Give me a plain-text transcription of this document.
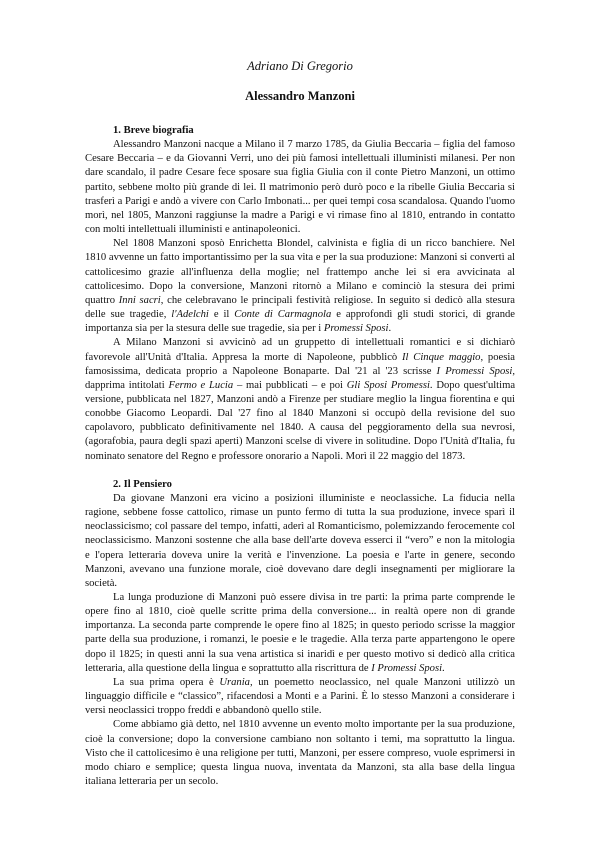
Adriano Di Gregorio
Alessandro Manzoni
1. Breve biografia

Alessandro Manzoni nacque a Milano il 7 marzo 1785, da Giulia Beccaria – figlia del famoso Cesare Beccaria – e da Giovanni Verri, uno dei più famosi intellettuali illuministi milanesi. Per non dare scandalo, il padre Cesare fece sposare sua figlia Giulia con il conte Pietro Manzoni, un ottimo partito, sebbene molto più grande di lei. Il matrimonio però durò poco e la ribelle Giulia Beccaria si trasferì a Parigi e andò a vivere con Carlo Imbonati... per quei tempi cosa scandalosa. Quando l'uomo morì, nel 1805, Manzoni raggiunse la madre a Parigi e vi rimase fino al 1810, entrando in contatto con molti intellettuali illuministi e antinapoleonici.

Nel 1808 Manzoni sposò Enrichetta Blondel, calvinista e figlia di un ricco banchiere. Nel 1810 avvenne un fatto importantissimo per la sua vita e per la sua produzione: Manzoni si convertì al cattolicesimo grazie all'influenza della moglie; nel frattempo anche lei si era avvicinata al cattolicesimo. Dopo la conversione, Manzoni ritornò a Milano e cominciò la stesura dei primi quattro Inni sacri, che celebravano le principali festività religiose. In seguito si dedicò alla stesura delle sue tragedie, l'Adelchi e il Conte di Carmagnola e approfondì gli studi storici, di grande importanza sia per la stesura delle sue tragedie, sia per i Promessi Sposi.

A Milano Manzoni si avvicinò ad un gruppetto di intellettuali romantici e si dichiarò favorevole all'Unità d'Italia. Appresa la morte di Napoleone, pubblicò Il Cinque maggio, poesia famosissima, dedicata proprio a Napoleone Bonaparte. Dal '21 al '23 scrisse I Promessi Sposi, dapprima intitolati Fermo e Lucia – mai pubblicati – e poi Gli Sposi Promessi. Dopo quest'ultima versione, pubblicata nel 1827, Manzoni andò a Firenze per studiare meglio la lingua fiorentina e qui conobbe Giacomo Leopardi. Dal '27 fino al 1840 Manzoni si occupò della revisione del suo capolavoro, pubblicato definitivamente nel 1840. A causa del peggioramento della sua nevrosi, (agorafobia, paura degli spazi aperti) Manzoni scelse di vivere in solitudine. Dopo l'Unità d'Italia, fu nominato senatore del Regno e professore onorario a Napoli. Morì il 22 maggio del 1873.

2. Il Pensiero

Da giovane Manzoni era vicino a posizioni illuministe e neoclassiche. La fiducia nella ragione, sebbene fosse cattolico, rimase un punto fermo di tutta la sua produzione, invece sparì il neoclassicismo; col passare del tempo, infatti, aderì al Romanticismo, polemizzando ferocemente col neoclassicismo. Manzoni sostenne che alla base dell'arte doveva esserci il “vero” e non la mitologia e l'opera letteraria doveva unire la verità e l'invenzione. La poesia e l'arte in genere, secondo Manzoni, avevano una funzione morale, cioè dovevano dare degli insegnamenti per migliorare la società.

La lunga produzione di Manzoni può essere divisa in tre parti: la prima parte comprende le opere fino al 1810, cioè quelle scritte prima della conversione... in realtà opere non di grande importanza. La seconda parte comprende le opere fino al 1825; in questo periodo scrisse la maggior parte della sua produzione, i romanzi, le poesie e le tragedie. Alla terza parte appartengono le opere dopo il 1825; in questi anni la sua vena artistica si inaridì e per questo motivo si dedicò alla critica letteraria, alla questione della lingua e soprattutto alla riscrittura de I Promessi Sposi.

La sua prima opera è Urania, un poemetto neoclassico, nel quale Manzoni utilizzò un linguaggio difficile e “classico”, rifacendosi a Monti e a Parini. È lo stesso Manzoni a considerare i versi neoclassici troppo freddi e abbandonò quello stile.

Come abbiamo già detto, nel 1810 avvenne un evento molto importante per la sua produzione, cioè la conversione; dopo la conversione cambiano non soltanto i temi, ma soprattutto la lingua. Visto che il cattolicesimo è una religione per tutti, Manzoni, per essere compreso, vuole esprimersi in modo chiaro e semplice; questa lingua nuova, inventata da Manzoni, sta alla base della lingua italiana letteraria per un secolo.
